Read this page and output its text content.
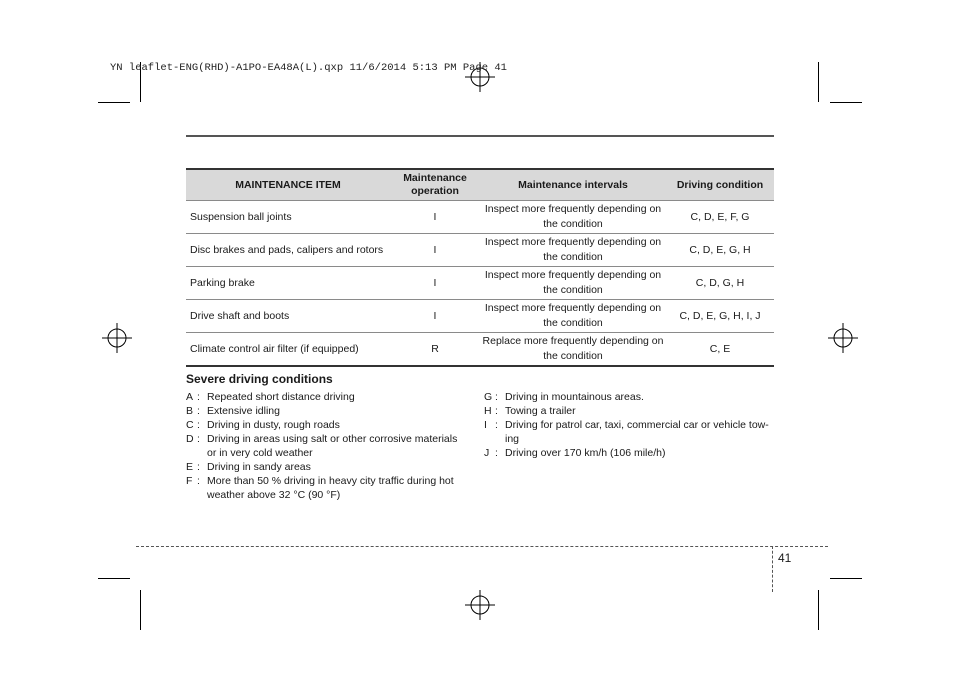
YN leaflet-ENG(RHD)-A1PO-EA48A(L).qxp 11/6/2014 5:13 PM Page 41
MAINTENANCE ITEM	Maintenance operation	Maintenance intervals	Driving condition
Suspension ball joints	I	Inspect more frequently depending on the condition	C, D, E, F, G
Disc brakes and pads, calipers and rotors	I	Inspect more frequently depending on the condition	C, D, E, G, H
Parking brake	I	Inspect more frequently depending on the condition	C, D, G, H
Drive shaft and boots	I	Inspect more frequently depending on the condition	C, D, E, G, H, I, J
Climate control air filter (if equipped)	R	Replace more frequently depending on the condition	C, E
Severe driving conditions
A : Repeated short distance driving
B : Extensive idling
C : Driving in dusty, rough roads
D : Driving in areas using salt or other corrosive materials or in very cold weather
E : Driving in sandy areas
F : More than 50 % driving in heavy city traffic during hot weather above 32 °C (90 °F)
G : Driving in mountainous areas.
H : Towing a trailer
I : Driving for patrol car, taxi, commercial car or vehicle tow-ing
J : Driving over 170 km/h (106 mile/h)
41
